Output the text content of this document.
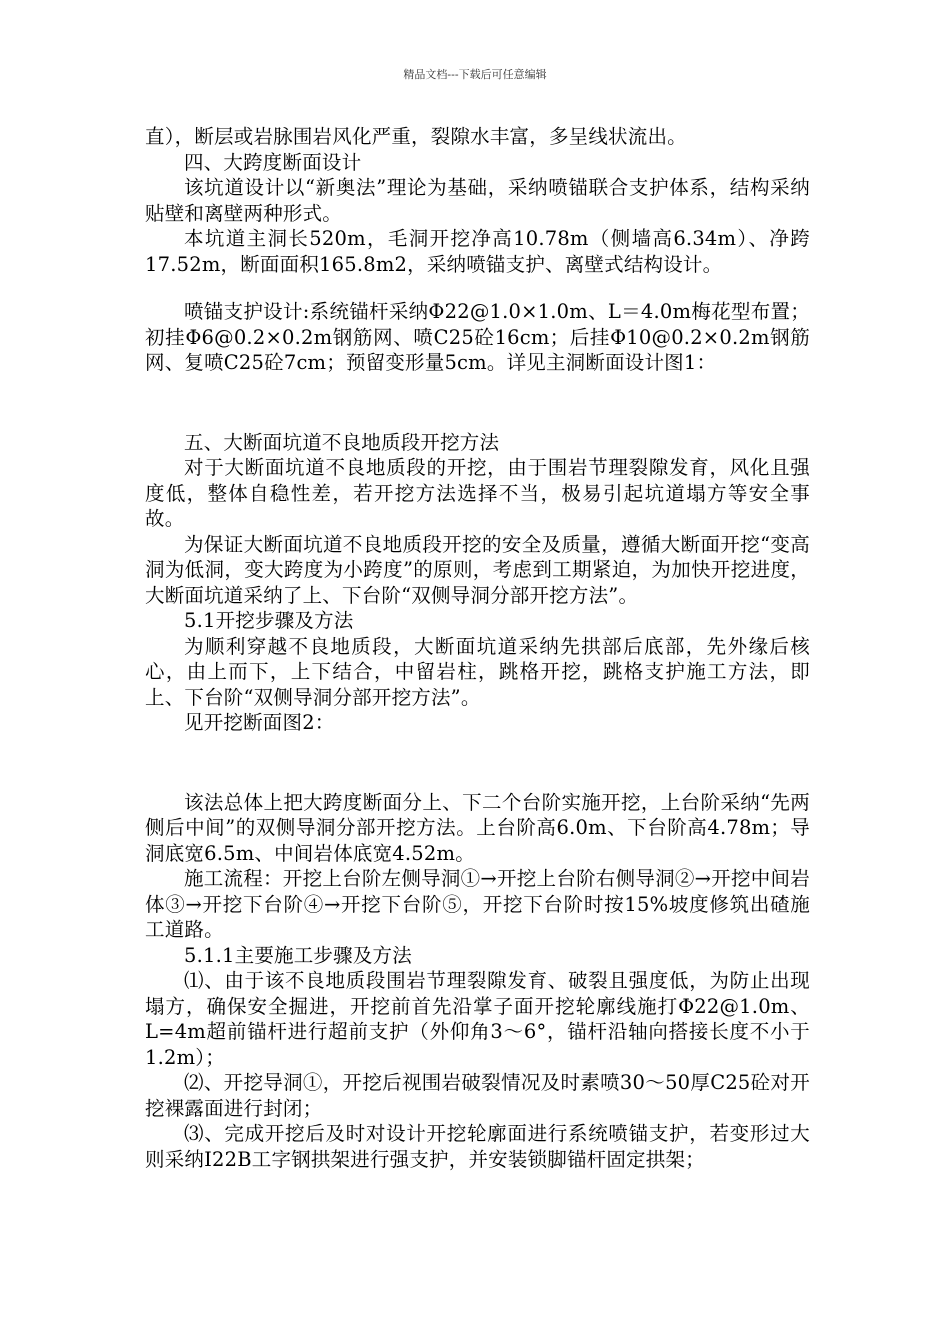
精品文档---下载后可任意编辑

直），断层或岩脉围岩风化严重，裂隙水丰富，多呈线状流出。

四、大跨度断面设计

该坑道设计以“新奥法”理论为基础，采纳喷锚联合支护体系，结构采纳贴壁和离壁两种形式。

本坑道主洞长520m，毛洞开挖净高10.78m（侧墙高6.34m）、净跨17.52m，断面面积165.8m2，采纳喷锚支护、离壁式结构设计。

喷锚支护设计:系统锚杆采纳Φ22@1.0×1.0m、L＝4.0m梅花型布置；初挂Φ6@0.2×0.2m钢筋网、喷C25砼16cm；后挂Φ10@0.2×0.2m钢筋网、复喷C25砼7cm；预留变形量5cm。详见主洞断面设计图1：

五、大断面坑道不良地质段开挖方法

对于大断面坑道不良地质段的开挖，由于围岩节理裂隙发育，风化且强度低，整体自稳性差，若开挖方法选择不当，极易引起坑道塌方等安全事故。

为保证大断面坑道不良地质段开挖的安全及质量，遵循大断面开挖“变高洞为低洞，变大跨度为小跨度”的原则，考虑到工期紧迫，为加快开挖进度，大断面坑道采纳了上、下台阶“双侧导洞分部开挖方法”。

5.1开挖步骤及方法

为顺利穿越不良地质段，大断面坑道采纳先拱部后底部，先外缘后核心，由上而下，上下结合，中留岩柱，跳格开挖，跳格支护施工方法，即上、下台阶“双侧导洞分部开挖方法”。

见开挖断面图2：

该法总体上把大跨度断面分上、下二个台阶实施开挖，上台阶采纳“先两侧后中间”的双侧导洞分部开挖方法。上台阶高6.0m、下台阶高4.78m；导洞底宽6.5m、中间岩体底宽4.52m。

施工流程：开挖上台阶左侧导洞①→开挖上台阶右侧导洞②→开挖中间岩体③→开挖下台阶④→开挖下台阶⑤，开挖下台阶时按15%坡度修筑出碴施工道路。

5.1.1主要施工步骤及方法

⑴、由于该不良地质段围岩节理裂隙发育、破裂且强度低，为防止出现塌方，确保安全掘进，开挖前首先沿掌子面开挖轮廓线施打Φ22@1.0m、L=4m超前锚杆进行超前支护（外仰角3～6°，锚杆沿轴向搭接长度不小于1.2m）；

⑵、开挖导洞①，开挖后视围岩破裂情况及时素喷30～50厚C25砼对开挖裸露面进行封闭；

⑶、完成开挖后及时对设计开挖轮廓面进行系统喷锚支护，若变形过大则采纳I22B工字钢拱架进行强支护，并安装锁脚锚杆固定拱架；
